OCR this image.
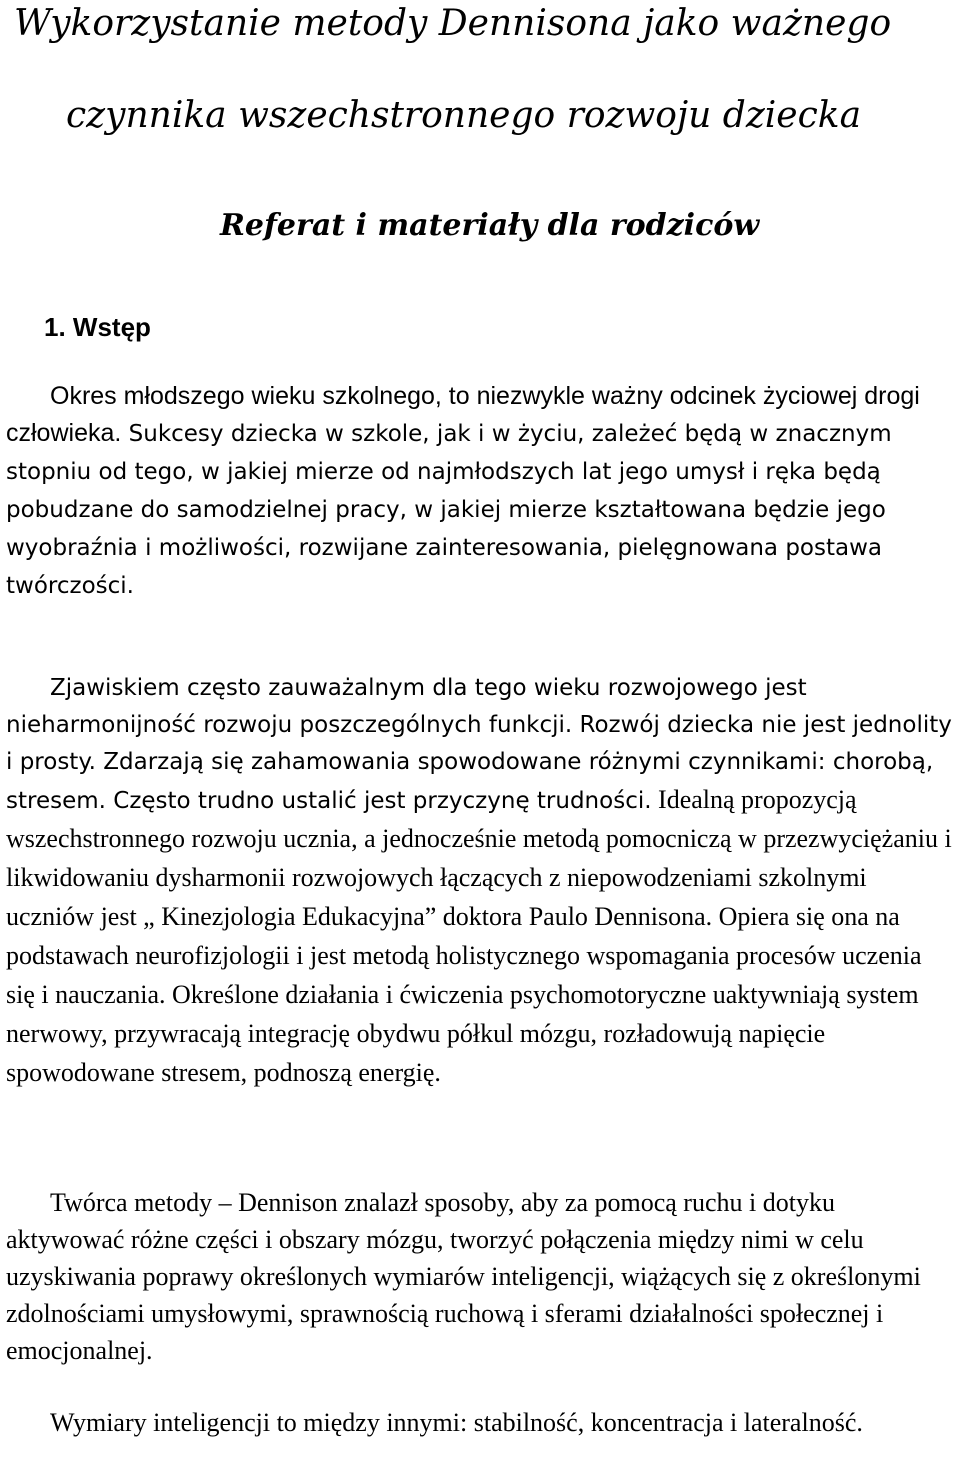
Wykorzystanie metody Dennisona jako ważnego
czynnika wszechstronnego rozwoju dziecka
Referat i materiały dla rodziców
1. Wstęp

Okres młodszego wieku szkolnego, to niezwykle ważny odcinek życiowej drogi człowieka. Sukcesy dziecka w szkole, jak i w życiu, zależeć będą w znacznym stopniu od tego, w jakiej mierze od najmłodszych lat jego umysł i ręka będą pobudzane do samodzielnej pracy, w jakiej mierze kształtowana będzie jego wyobraźnia i możliwości, rozwijane zainteresowania, pielęgnowana postawa twórczości.

Zjawiskiem często zauważalnym dla tego wieku rozwojowego jest nieharmonijność rozwoju poszczególnych funkcji. Rozwój dziecka nie jest jednolity i prosty. Zdarzają się zahamowania spowodowane różnymi czynnikami: chorobą, stresem. Często trudno ustalić jest przyczynę trudności. Idealną propozycją wszechstronnego rozwoju ucznia, a jednocześnie metodą pomocniczą w przezwyciężaniu i likwidowaniu dysharmonii rozwojowych łączących z niepowodzeniami szkolnymi uczniów jest „ Kinezjologia Edukacyjna” doktora Paulo Dennisona. Opiera się ona na podstawach neurofizjologii i jest metodą holistycznego wspomagania procesów uczenia się i nauczania. Określone działania i ćwiczenia psychomotoryczne uaktywniają system nerwowy, przywracają integrację obydwu półkul mózgu, rozładowują napięcie spowodowane stresem, podnoszą energię.

Twórca metody – Dennison znalazł sposoby, aby za pomocą ruchu i dotyku aktywować różne części i obszary mózgu, tworzyć połączenia między nimi w celu uzyskiwania poprawy określonych wymiarów inteligencji, wiążących się z określonymi zdolnościami umysłowymi, sprawnością ruchową i sferami działalności społecznej i emocjonalnej.

Wymiary inteligencji to między innymi: stabilność, koncentracja i lateralność.
